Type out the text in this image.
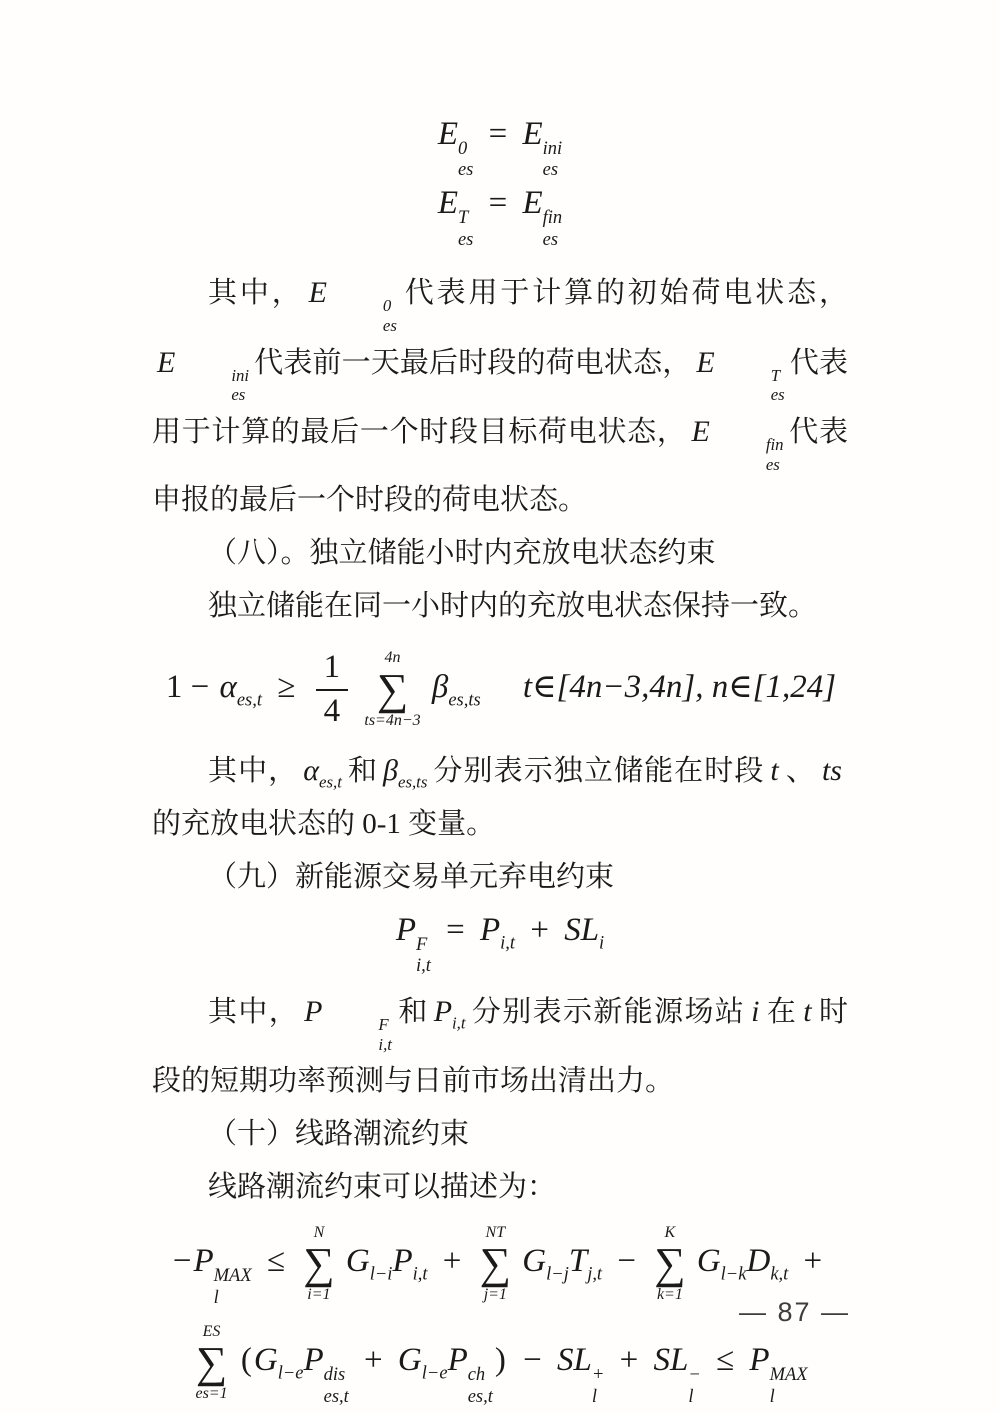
E 0
es
= E ini
es
E T
es
= E fin
es

其中， E	0
es
代表用于计算的初始荷电状态，E	ini
es
代表前一天最后时段的荷电状态， E	T
es
代表用于计算的最后一个时段目标荷电状态， E	fin
es
代表申报的最后一个时段的荷电状态。

（八）。独立储能小时内充放电状态约束

独立储能在同一小时内的充放电状态保持一致。

$1 - \alpha_{es,t} \ge \frac{1}{4}$
4n
∑
ts=4n−3
$\beta_{es,ts}$ t∈[4n−3,4n], n∈[1,24]

其中， $\alpha_{es,t}$ 和 $\beta_{es,ts}$ 分别表示独立储能在时段 t 、 ts的充放电状态的 0-1 变量。

（九）新能源交易单元弃电约束

P F
i,t
= $P_{i,t} + SL_i$

其中， P	F
i,t
和 $P_{i,t}$ 分别表示新能源场站 i 在 t 时段的短期功率预测与日前市场出清出力。

（十）线路潮流约束

线路潮流约束可以描述为：

−P MAX
l
≤
N
∑
i=1
$G_{l-i}P_{i,t}$ +
NT
∑
j=1
$G_{l-j}T_{j,t}$ −
K
∑
k=1
$G_{l-k}D_{k,t}$ +
ES
∑
es=1
($G_{l-e}P$ dis
es,t
+ $G_{l-e}P$ ch
es,t
) − SL +
l
+ SL −
l
≤ P MAX
l
— 87 —
